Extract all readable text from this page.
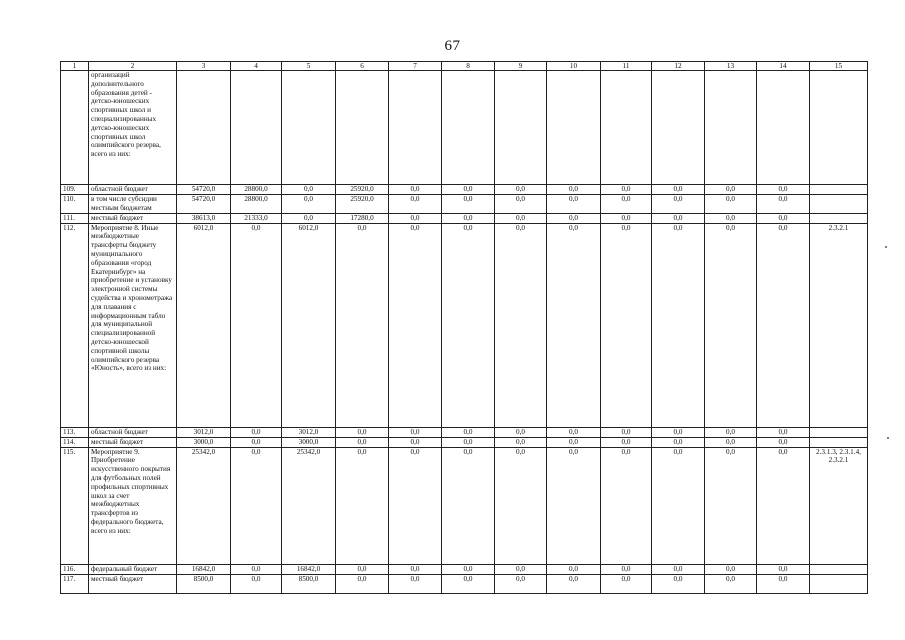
67
1	2	3	4	5	6	7	8	9	10	11	12	13	14	15
	организаций дополнительного образования детей - детско-юношеских спортивных школ и специализированных детско-юношеских спортивных школ олимпийского резерва, всего из них:													
109.	областной бюджет	54720,0	28800,0	0,0	25920,0	0,0	0,0	0,0	0,0	0,0	0,0	0,0	0,0	
110.	в том числе субсидии местным бюджетам	54720,0	28800,0	0,0	25920,0	0,0	0,0	0,0	0,0	0,0	0,0	0,0	0,0	
111.	местный бюджет	38613,0	21333,0	0,0	17280,0	0,0	0,0	0,0	0,0	0,0	0,0	0,0	0,0	
112.	Мероприятие 8. Иные межбюджетные трансферты бюджету муниципального образования «город Екатеринбург» на приобретение и установку электронной системы судейства и хронометража для плавания с информационным табло для муниципальной специализированной детско-юношеской спортивной школы олимпийского резерва «Юность», всего из них:	6012,0	0,0	6012,0	0,0	0,0	0,0	0,0	0,0	0,0	0,0	0,0	0,0	2.3.2.1
113.	областной бюджет	3012,0	0,0	3012,0	0,0	0,0	0,0	0,0	0,0	0,0	0,0	0,0	0,0	
114.	местный бюджет	3000,0	0,0	3000,0	0,0	0,0	0,0	0,0	0,0	0,0	0,0	0,0	0,0	
115.	Мероприятие 9. Приобретение искусственного покрытия для футбольных полей профильных спортивных школ за счет межбюджетных трансфертов из федерального бюджета, всего из них:	25342,0	0,0	25342,0	0,0	0,0	0,0	0,0	0,0	0,0	0,0	0,0	0,0	2.3.1.3, 2.3.1.4, 2.3.2.1
116.	федеральный бюджет	16842,0	0,0	16842,0	0,0	0,0	0,0	0,0	0,0	0,0	0,0	0,0	0,0	
117.	местный бюджет	8500,0	0,0	8500,0	0,0	0,0	0,0	0,0	0,0	0,0	0,0	0,0	0,0	
